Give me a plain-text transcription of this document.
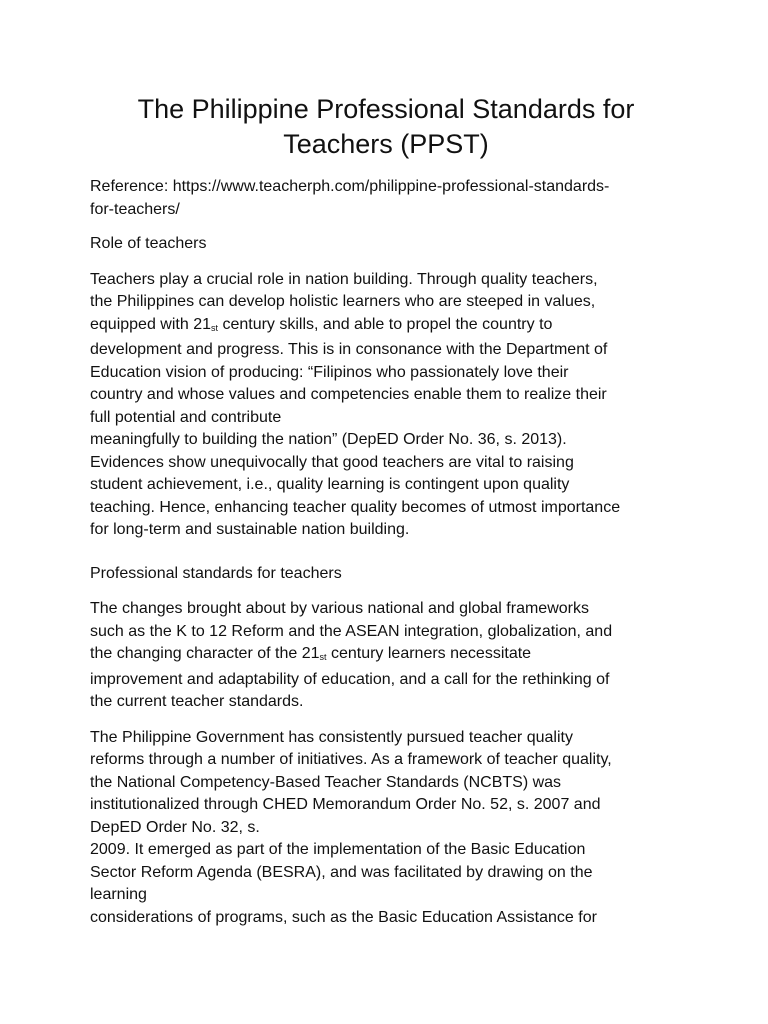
The Philippine Professional Standards for
Teachers (PPST)

Reference: https://www.teacherph.com/philippine-professional-standards-
for-teachers/

Role of teachers

Teachers play a crucial role in nation building. Through quality teachers,
the Philippines can develop holistic learners who are steeped in values,
equipped with $21_{st}$ century skills, and able to propel the country to
development and progress. This is in consonance with the Department of
Education vision of producing: “Filipinos who passionately love their
country and whose values and competencies enable them to realize their
full potential and contribute
meaningfully to building the nation” (DepED Order No. 36, s. 2013).
Evidences show unequivocally that good teachers are vital to raising
student achievement, i.e., quality learning is contingent upon quality
teaching. Hence, enhancing teacher quality becomes of utmost importance
for long-term and sustainable nation building.

Professional standards for teachers

The changes brought about by various national and global frameworks
such as the K to 12 Reform and the ASEAN integration, globalization, and
the changing character of the $21_{st}$ century learners necessitate
improvement and adaptability of education, and a call for the rethinking of
the current teacher standards.

The Philippine Government has consistently pursued teacher quality
reforms through a number of initiatives. As a framework of teacher quality,
the National Competency-Based Teacher Standards (NCBTS) was
institutionalized through CHED Memorandum Order No. 52, s. 2007 and
DepED Order No. 32, s.
2009. It emerged as part of the implementation of the Basic Education
Sector Reform Agenda (BESRA), and was facilitated by drawing on the
learning
considerations of programs, such as the Basic Education Assistance for
